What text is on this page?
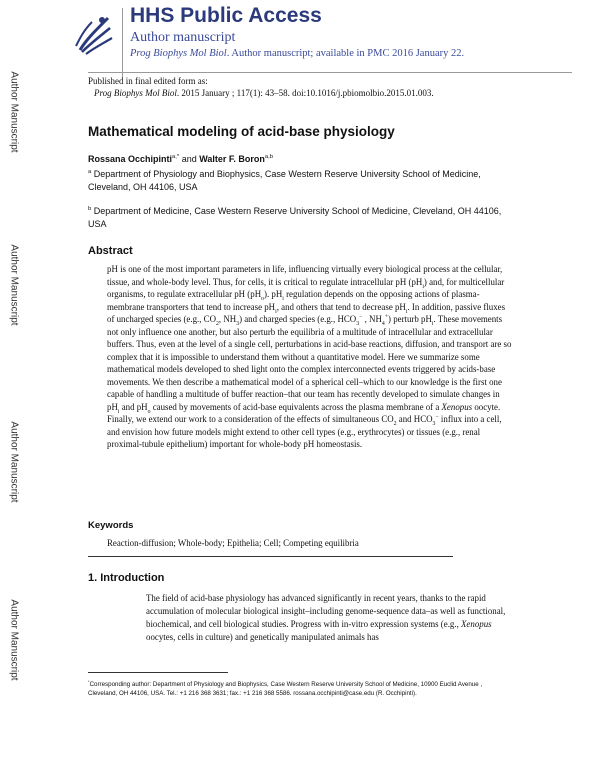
Author Manuscript
Author Manuscript
Author Manuscript
Author Manuscript
HHS Public Access
Author manuscript
Prog Biophys Mol Biol. Author manuscript; available in PMC 2016 January 22.
Published in final edited form as:
Prog Biophys Mol Biol. 2015 January ; 117(1): 43–58. doi:10.1016/j.pbiomolbio.2015.01.003.
Mathematical modeling of acid-base physiology
Rossana Occhipinti$^{a,*}$ and Walter F. Boron$^{a,b}$
$^a$ Department of Physiology and Biophysics, Case Western Reserve University School of Medicine, Cleveland, OH 44106, USA
$^b$ Department of Medicine, Case Western Reserve University School of Medicine, Cleveland, OH 44106, USA
Abstract
pH is one of the most important parameters in life, influencing virtually every biological process at the cellular, tissue, and whole-body level. Thus, for cells, it is critical to regulate intracellular pH $(pH_i)$ and, for multicellular organisms, to regulate extracellular pH $(pH_o)$. $pH_i$ regulation depends on the opposing actions of plasma-membrane transporters that tend to increase $pH_i$, and others that tend to decrease $pH_i$. In addition, passive fluxes of uncharged species (e.g., $CO_2$, $NH_3$) and charged species (e.g., $HCO_3^-$ , $NH_4^+$) perturb $pH_i$. These movements not only influence one another, but also perturb the equilibria of a multitude of intracellular and extracellular buffers. Thus, even at the level of a single cell, perturbations in acid-base reactions, diffusion, and transport are so complex that it is impossible to understand them without a quantitative model. Here we summarize some mathematical models developed to shed light onto the complex interconnected events triggered by acids-base movements. We then describe a mathematical model of a spherical cell–which to our knowledge is the first one capable of handling a multitude of buffer reaction–that our team has recently developed to simulate changes in $pH_i$ and $pH_o$ caused by movements of acid-base equivalents across the plasma membrane of a Xenopus oocyte. Finally, we extend our work to a consideration of the effects of simultaneous $CO_2$ and $HCO_3^-$ influx into a cell, and envision how future models might extend to other cell types (e.g., erythrocytes) or tissues (e.g., renal proximal-tubule epithelium) important for whole-body pH homeostasis.
Keywords
Reaction-diffusion; Whole-body; Epithelia; Cell; Competing equilibria
1. Introduction
The field of acid-base physiology has advanced significantly in recent years, thanks to the rapid accumulation of molecular biological insight–including genome-sequence data–as well as functional, biochemical, and cell biological studies. Progress with in-vitro expression systems (e.g., Xenopus oocytes, cells in culture) and genetically manipulated animals has
*Corresponding author: Department of Physiology and Biophysics, Case Western Reserve University School of Medicine, 10900 Euclid Avenue , Cleveland, OH 44106, USA. Tel.: +1 216 368 3631; fax.: +1 216 368 5586. rossana.occhipinti@case.edu (R. Occhipinti).
